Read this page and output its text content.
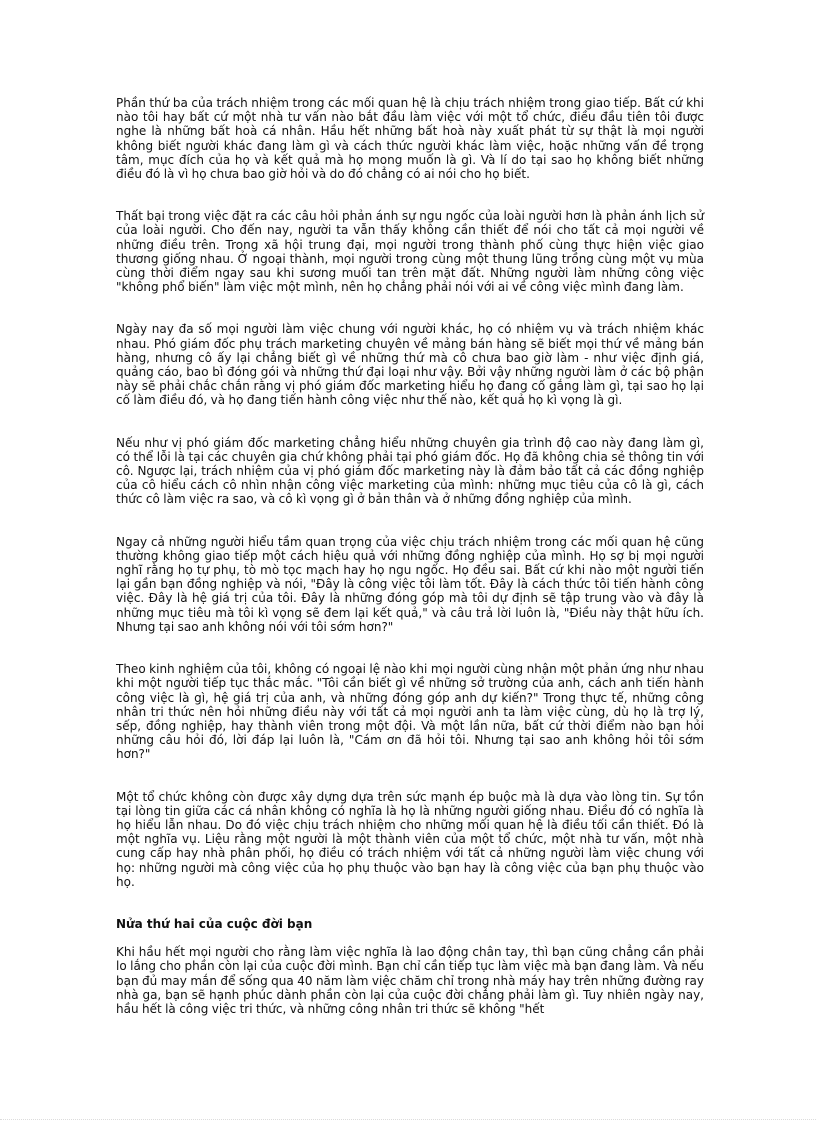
Phần thứ ba của trách nhiệm trong các mối quan hệ là chịu trách nhiệm trong giao tiếp. Bất cứ khi nào tôi hay bất cứ một nhà tư vấn nào bắt đầu làm việc với một tổ chức, điều đầu tiên tôi được nghe là những bất hoà cá nhân. Hầu hết những bất hoà này xuất phát từ sự thật là mọi người không biết người khác đang làm gì và cách thức người khác làm việc, hoặc những vấn đề trọng tâm, mục đích của họ và kết quả mà họ mong muốn là gì. Và lí do tại sao họ không biết những điều đó là vì họ chưa bao giờ hỏi và do đó chẳng có ai nói cho họ biết.

Thất bại trong việc đặt ra các câu hỏi phản ánh sự ngu ngốc của loài người hơn là phản ánh lịch sử của loài người. Cho đến nay, người ta vẫn thấy không cần thiết để nói cho tất cả mọi người về những điều trên. Trong xã hội trung đại, mọi người trong thành phố cùng thực hiện việc giao thương giống nhau. Ở ngoại thành, mọi người trong cùng một thung lũng trồng cùng một vụ mùa cùng thời điểm ngay sau khi sương muối tan trên mặt đất. Những người làm những công việc "không phổ biến" làm việc một mình, nên họ chẳng phải nói với ai về công việc mình đang làm.

Ngày nay đa số mọi người làm việc chung với người khác, họ có nhiệm vụ và trách nhiệm khác nhau. Phó giám đốc phụ trách marketing chuyên về mảng bán hàng sẽ biết mọi thứ về mảng bán hàng, nhưng cô ấy lại chẳng biết gì về những thứ mà cô chưa bao giờ làm - như việc định giá, quảng cáo, bao bì đóng gói và những thứ đại loại như vậy. Bởi vậy những người làm ở các bộ phận này sẽ phải chắc chắn rằng vị phó giám đốc marketing hiểu họ đang cố gắng làm gì, tại sao họ lại cố làm điều đó, và họ đang tiến hành công việc như thế nào, kết quả họ kì vọng là gì.

Nếu như vị phó giám đốc marketing chẳng hiểu những chuyên gia trình độ cao này đang làm gì, có thể lỗi là tại các chuyên gia chứ không phải tại phó giám đốc. Họ đã không chia sẻ thông tin với cô. Ngược lại, trách nhiệm của vị phó giám đốc marketing này là đảm bảo tất cả các đồng nghiệp của cô hiểu cách cô nhìn nhận công việc marketing của mình: những mục tiêu của cô là gì, cách thức cô làm việc ra sao, và cô kì vọng gì ở bản thân và ở những đồng nghiệp của mình.

Ngay cả những người hiểu tầm quan trọng của việc chịu trách nhiệm trong các mối quan hệ cũng thường không giao tiếp một cách hiệu quả với những đồng nghiệp của mình. Họ sợ bị mọi người nghĩ rằng họ tự phụ, tò mò tọc mạch hay họ ngu ngốc. Họ đều sai. Bất cứ khi nào một người tiến lại gần bạn đồng nghiệp và nói, "Đây là công việc tôi làm tốt. Đây là cách thức tôi tiến hành công việc. Đây là hệ giá trị của tôi. Đây là những đóng góp mà tôi dự định sẽ tập trung vào và đây là những mục tiêu mà tôi kì vọng sẽ đem lại kết quả," và câu trả lời luôn là, "Điều này thật hữu ích. Nhưng tại sao anh không nói với tôi sớm hơn?"

Theo kinh nghiệm của tôi, không có ngoại lệ nào khi mọi người cùng nhận một phản ứng như nhau khi một người tiếp tục thắc mắc. "Tôi cần biết gì về những sở trường của anh, cách anh tiến hành công việc là gì, hệ giá trị của anh, và những đóng góp anh dự kiến?" Trong thực tế, những công nhân tri thức nên hỏi những điều này với tất cả mọi người anh ta làm việc cùng, dù họ là trợ lý, sếp, đồng nghiệp, hay thành viên trong một đội. Và một lần nữa, bất cứ thời điểm nào bạn hỏi những câu hỏi đó, lời đáp lại luôn là, "Cám ơn đã hỏi tôi. Nhưng tại sao anh không hỏi tôi sớm hơn?"

Một tổ chức không còn được xây dựng dựa trên sức mạnh ép buộc mà là dựa vào lòng tin. Sự tồn tại lòng tin giữa các cá nhân không có nghĩa là họ là những người giống nhau. Điều đó có nghĩa là họ hiểu lẫn nhau. Do đó việc chịu trách nhiệm cho những mối quan hệ là điều tối cần thiết. Đó là một nghĩa vụ. Liệu rằng một người là một thành viên của một tổ chức, một nhà tư vấn, một nhà cung cấp hay nhà phân phối, họ điều có trách nhiệm với tất cả những người làm việc chung với họ: những người mà công việc của họ phụ thuộc vào bạn hay là công việc của bạn phụ thuộc vào họ.

Nửa thứ hai của cuộc đời bạn

Khi hầu hết mọi người cho rằng làm việc nghĩa là lao động chân tay, thì bạn cũng chẳng cần phải lo lắng cho phần còn lại của cuộc đời mình. Bạn chỉ cần tiếp tục làm việc mà bạn đang làm. Và nếu bạn đủ may mắn để sống qua 40 năm làm việc chăm chỉ trong nhà máy hay trên những đường ray nhà ga, bạn sẽ hạnh phúc dành phần còn lại của cuộc đời chẳng phải làm gì. Tuy nhiên ngày nay, hầu hết là công việc tri thức, và những công nhân tri thức sẽ không "hết
